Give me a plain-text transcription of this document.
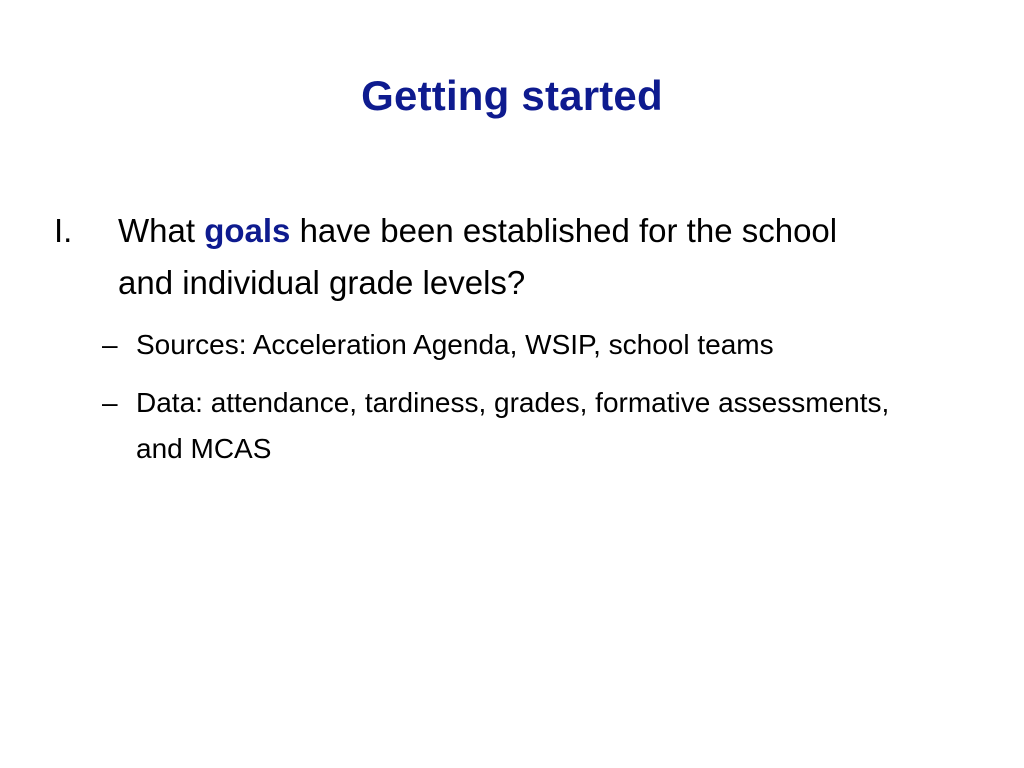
Getting started
I.	What goals have been established for the school and individual grade levels?
– Sources: Acceleration Agenda, WSIP, school teams
– Data: attendance, tardiness, grades, formative assessments, and MCAS
